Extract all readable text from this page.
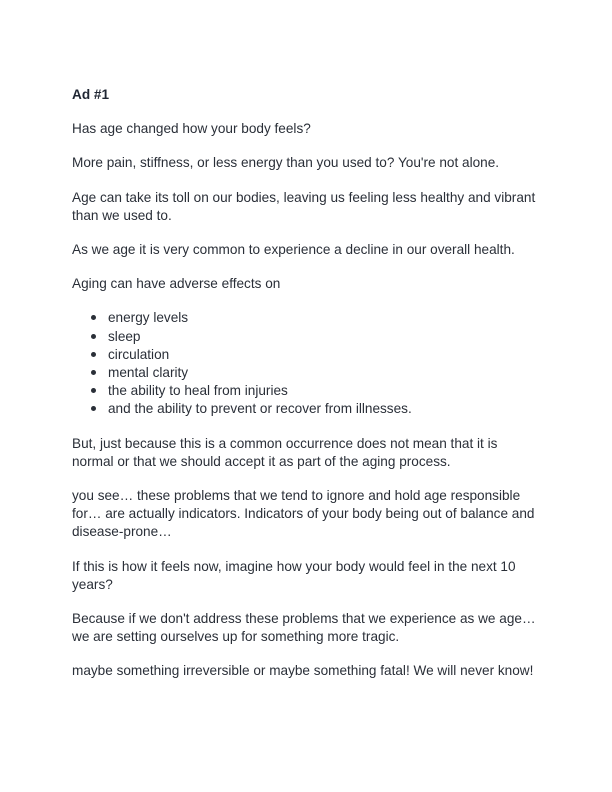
Ad #1

Has age changed how your body feels?

More pain, stiffness, or less energy than you used to? You're not alone.

Age can take its toll on our bodies, leaving us feeling less healthy and vibrant than we used to.

As we age it is very common to experience a decline in our overall health.

Aging can have adverse effects on

energy levels
sleep
circulation
mental clarity
the ability to heal from injuries
and the ability to prevent or recover from illnesses.

But, just because this is a common occurrence does not mean that it is normal or that we should accept it as part of the aging process.

you see… these problems that we tend to ignore and hold age responsible for… are actually indicators. Indicators of your body being out of balance and disease-prone…

If this is how it feels now, imagine how your body would feel in the next 10 years?

Because if we don't address these problems that we experience as we age… we are setting ourselves up for something more tragic.

maybe something irreversible or maybe something fatal! We will never know!
